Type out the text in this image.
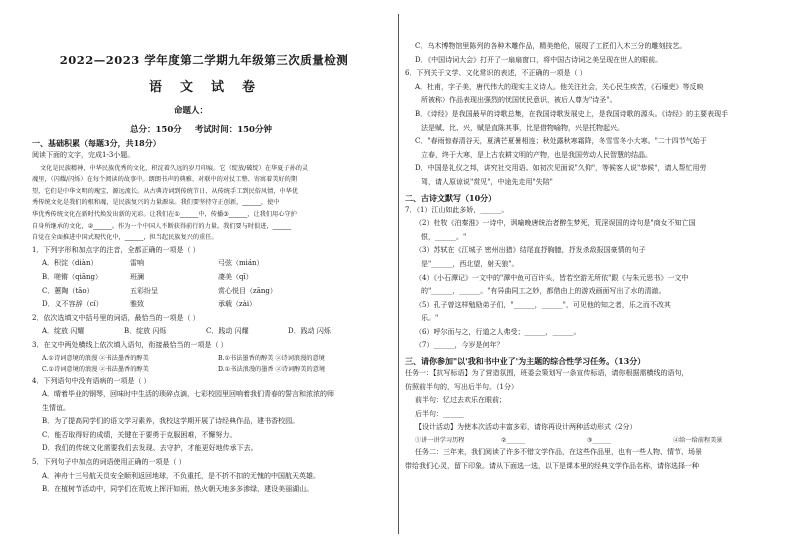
2022—2023 学年度第二学期九年级第三次质量检测
语文试卷
命题人：
总分：150分 考试时间：150分钟
一、基础积累（每题3分，共18分）
阅读下面的文字，完成1-3小题。
文化是民族精神，中华民族优秀的文化，积淀着久远的岁月印痕。它（绽放/破绽）在华夏子孙的灵
魂里，（闪耀/闪烁）在每个阅读的故事中。朗朗书声的典雅、对联中的对仗工整、寄寓着美好的期
望，它们是中华文明的瑰宝，源远流长。从古典诗词到传统节日、从传统手工到民俗风情，中华优
秀传统文化是我们的根和魂，是民族复兴的力量源泉。我们要坚持守正创新，______，使中
华优秀传统文化在新时代焕发出新的光彩。让我们在①______中，传播③______，让我们用心守护
自身所继承的文化，②______。作为一个中国人不断获得前行的力量。我们要与时俱进，______
自觉在全面推进中国式现代化中，______，担当起民族复兴的重任。
1．下列字形和加点字的注音，全都正确的一项是（ ）
A．积淀（diàn）	雷响	弓弦（mián）
B．嗟锵（qiāng）	班澜	凄美（qī）
C．蕙陶（tāo）	五彩纷呈	赏心悦目（zāng）
D．义不容辞（cí）	雅致	承载（zài）
2．依次选填文中括号里的词语，最恰当的一项是（ ）
A．绽放 闪耀	B．绽放 闪烁	C．践动 闪耀	D．践动 闪烁
3．在文中两处横线上依次填入语句，衔接最恰当的一项是（ ）
A.①诗词意境的浪漫 ②书法墨香的醇美	B.①书法墨香的醇美 ②诗词浪漫的意境
C.①诗词意境的浪漫 ②书法墨香的醇美	D.①书法浪漫的墨香 ②诗词醇美的意境
4．下列语句中没有语病的一项是（ ）
A．晴着毕业的钢琴，回味时中生活的琐碎点滴，七彩校园里回响着我们青春的誓言和浓浓的师
生情谊。
B．为了提高同学们的语文学习素养，我校这学期开展了诗经典作品，建书香校园。
C．能否取得好的成绩，关键在于要勇于克服困难，不懈努力。
D．我们的传统文化需要我们去发现、去守护，才能更好地传承下去。
5．下列句子中加点的词语使用正确的一项是（ ）
A．神舟十三号航天员安全顺利返回地球，不负重托，是不折不扣的无愧的中国航天英雄。
B．在植树节活动中，同学们在荒坡上挥汗如雨，热火朝天地多多渗绿，建设美丽湖山。
C．乌木博物馆里陈列的各种木雕作品，精美绝伦，展现了工匠们入木三分的雕刻技艺。
D．《中国诗词大会》打开了一扇扇窗口，将中国古诗词之美呈现在世人的眼前。
6．下列关于文学、文化常识的表述，不正确的一项是（ ）
A．杜甫，字子美，唐代伟大的现实主义诗人。他关注社会，关心民生疾苦，《石壕吏》等反映
所被称）作品表现出强烈的忧国忧民意识，被后人尊为"诗圣"。
B．《诗经》是我国最早的诗歌总集，在我国诗歌发展史上，是我国诗歌的源头。《诗经》的主要表现手
法是赋、比、兴，赋是直陈其事，比是借物喻物，兴是托物起兴。
C．"春雨惊春清谷天，夏满芒夏暑相连；秋处露秋寒霜降，冬雪雪冬小大寒。"二十四节气始于
立春，终于大寒，是上古农耕文明的产物，也是我国劳动人民智慧的结晶。
D．中国是礼仪之邦，讲究社交用语。如初次见面说"久仰"，等候客人说"恭候"，请人帮忙用劳
驾，请人原谅说"赏见"，中途先走用"失陪"
二、古诗文默写（10分）
7．（1）江山如此多娇，______。
（2）杜牧《泊秦淮》一诗中，讽喻晚唐统治者醉生梦死，荒淫误国的诗句是"商女不知亡国
恨，______。"
（3）苏轼在《江城子 密州出猎》结尾直抒胸臆，抒发杀敌报国豪情的句子
是"______，西北望，射天狼"。
（4）《小石潭记》一文中的"潭中鱼可百许头，皆若空游无所依"跟《与朱元思书》一文中
的"______，______。"有异曲同工之妙，都借由上的游戏画面写出了水的清澈。
（5）孔子曾这样勉励弟子们，"______，______"，可见他的知之者，乐之而不改其
乐。"
（6）呼尔而与之，行道之人弗受；______，______。
（7）______，今岁是何年？
三、请你参加"以'我和书中业了'为主题的综合性学习任务。（13分）
任务一：【抗写标语】为了营造氛围，班委会策划写一条宣传标语，请你根据需横线的语句，
仿照前半句的，写出后半句。（1分）
前半句：忆过去欢乐在眼前；
后半句：______
【设计活动】为使本次活动丰富多彩，请你再设计两种活动形式（2分）
①讲一讲学习历程	②______	③______	④给一给前程美景
任务二：三年来，我们阅读了许多不错文学作品，在这些作品里，也有一些人物、情节、场景
带给我们心灵，留下印象。请从下面选一选，以下是课本里的经典文学作品名称，请你选择一种
